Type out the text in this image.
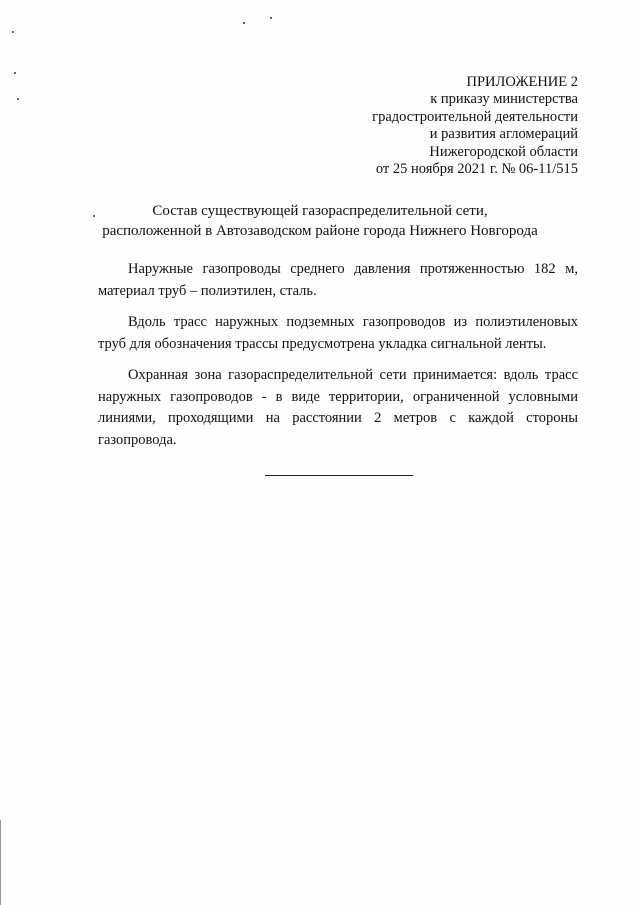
ПРИЛОЖЕНИЕ 2
к приказу министерства
градостроительной деятельности
и развития агломераций
Нижегородской области
от 25 ноября 2021 г. № 06-11/515
Состав существующей газораспределительной сети,
расположенной в Автозаводском районе города Нижнего Новгорода

Наружные газопроводы среднего давления протяженностью 182 м, материал труб – полиэтилен, сталь.

Вдоль трасс наружных подземных газопроводов из полиэтиленовых труб для обозначения трассы предусмотрена укладка сигнальной ленты.

Охранная зона газораспределительной сети принимается: вдоль трасс наружных газопроводов - в виде территории, ограниченной условными линиями, проходящими на расстоянии 2 метров с каждой стороны газопровода.
